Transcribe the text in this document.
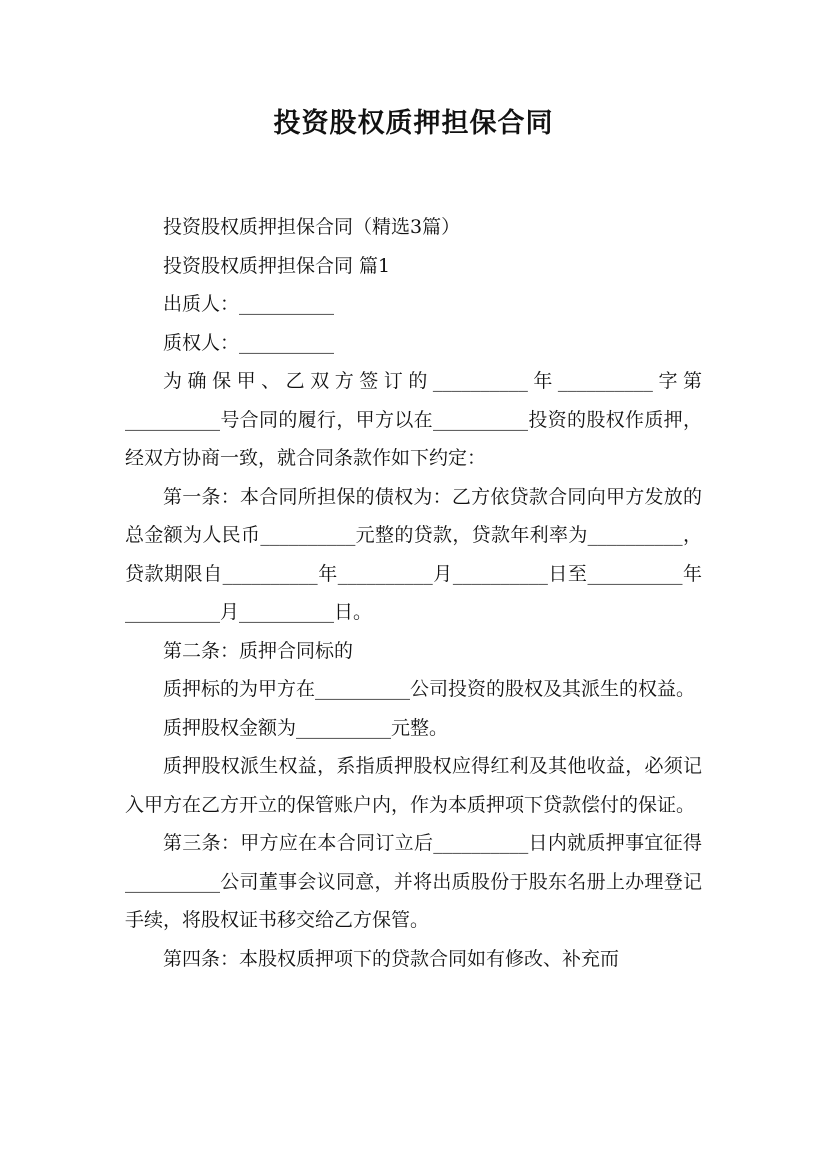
投资股权质押担保合同

投资股权质押担保合同（精选3篇）

投资股权质押担保合同 篇1

出质人：__________

质权人：__________

为确保甲、乙双方签订的__________年__________字第__________号合同的履行，甲方以在__________投资的股权作质押，经双方协商一致，就合同条款作如下约定：

第一条：本合同所担保的债权为：乙方依贷款合同向甲方发放的总金额为人民币__________元整的贷款，贷款年利率为__________，贷款期限自__________年__________月__________日至__________年__________月__________日。

第二条：质押合同标的

质押标的为甲方在__________公司投资的股权及其派生的权益。

质押股权金额为__________元整。

质押股权派生权益，系指质押股权应得红利及其他收益，必须记入甲方在乙方开立的保管账户内，作为本质押项下贷款偿付的保证。

第三条：甲方应在本合同订立后__________日内就质押事宜征得__________公司董事会议同意，并将出质股份于股东名册上办理登记手续，将股权证书移交给乙方保管。

第四条：本股权质押项下的贷款合同如有修改、补充而
